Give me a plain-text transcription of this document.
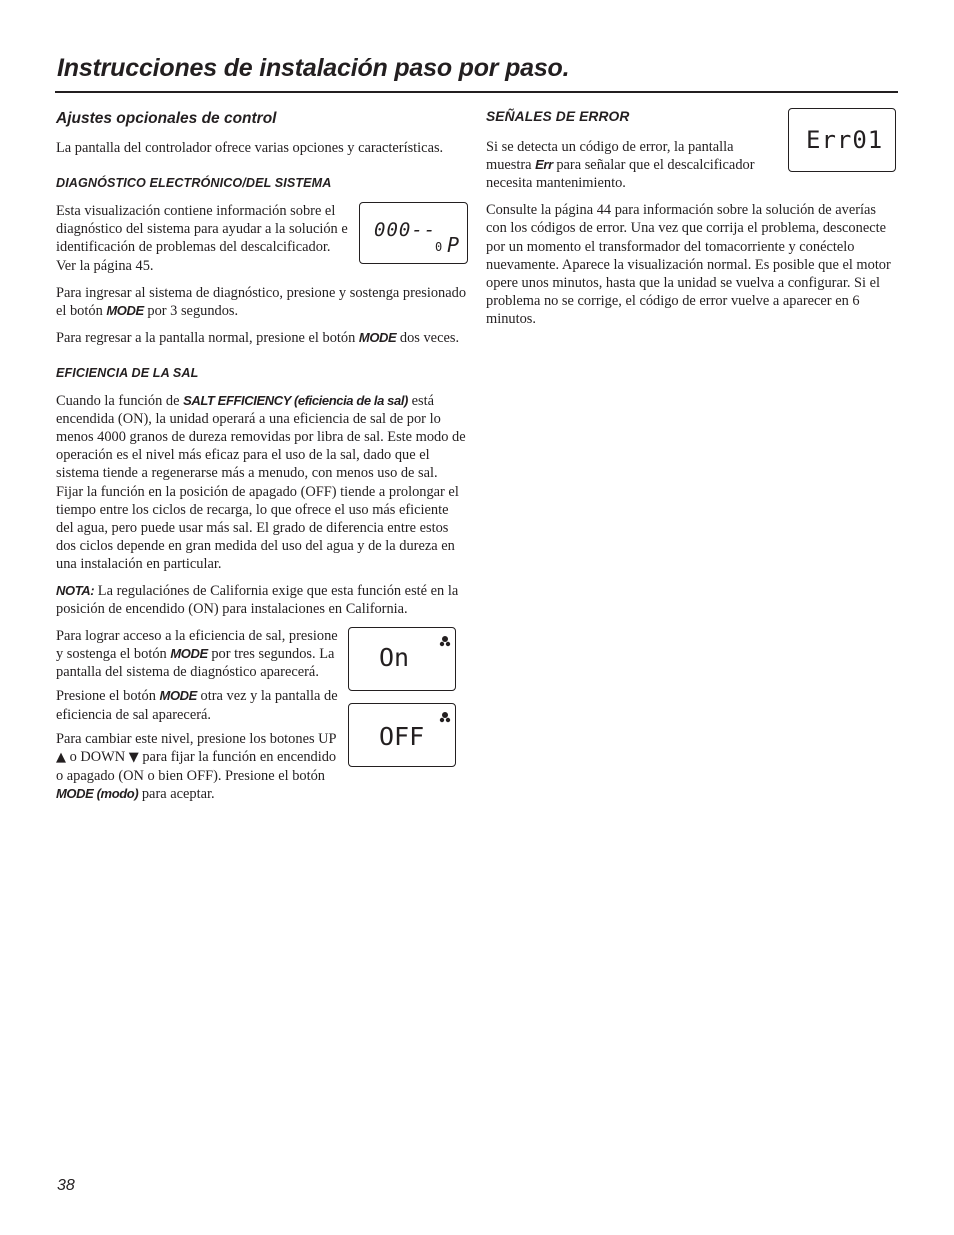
Instrucciones de instalación paso por paso.
Ajustes opcionales de control

La pantalla del controlador ofrece varias opciones y características.

DIAGNÓSTICO ELECTRÓNICO/DEL SISTEMA
000--
0 P

Esta visualización contiene información sobre el diagnóstico del sistema para ayudar a la solución e identificación de problemas del descalcificador. Ver la página 45.

Para ingresar al sistema de diagnóstico, presione y sostenga presionado el botón MODE por 3 segundos.

Para regresar a la pantalla normal, presione el botón MODE dos veces.

EFICIENCIA DE LA SAL

Cuando la función de SALT EFFICIENCY (eficiencia de la sal) está encendida (ON), la unidad operará a una eficiencia de sal de por lo menos 4000 granos de dureza removidas por libra de sal. Este modo de operación es el nivel más eficaz para el uso de la sal, dado que el sistema tiende a regenerarse más a menudo, con menos uso de sal. Fijar la función en la posición de apagado (OFF) tiende a prolongar el tiempo entre los ciclos de recarga, lo que ofrece el uso más eficiente del agua, pero puede usar más sal. El grado de diferencia entre estos dos ciclos depende en gran medida del uso del agua y de la dureza en una instalación en particular.

NOTA: La regulaciónes de California exige que esta función esté en la posición de encendido (ON) para instalaciones en California.

On

Para lograr acceso a la eficiencia de sal, presione y sostenga el botón MODE por tres segundos. La pantalla del sistema de diagnóstico aparecerá.

OFF

Presione el botón MODE otra vez y la pantalla de eficiencia de sal aparecerá.

Para cambiar este nivel, presione los botones UP ▲ o DOWN ▼ para fijar la función en encendido o apagado (ON o bien OFF). Presione el botón MODE (modo) para aceptar.

Err01
SEÑALES DE ERROR

Si se detecta un código de error, la pantalla muestra Err para señalar que el descalcificador necesita mantenimiento.

Consulte la página 44 para información sobre la solución de averías con los códigos de error. Una vez que corrija el problema, desconecte por un momento el transformador del tomacorriente y conéctelo nuevamente. Aparece la visualización normal. Es posible que el motor opere unos minutos, hasta que la unidad se vuelva a configurar. Si el problema no se corrige, el código de error vuelve a aparecer en 6 minutos.

38
